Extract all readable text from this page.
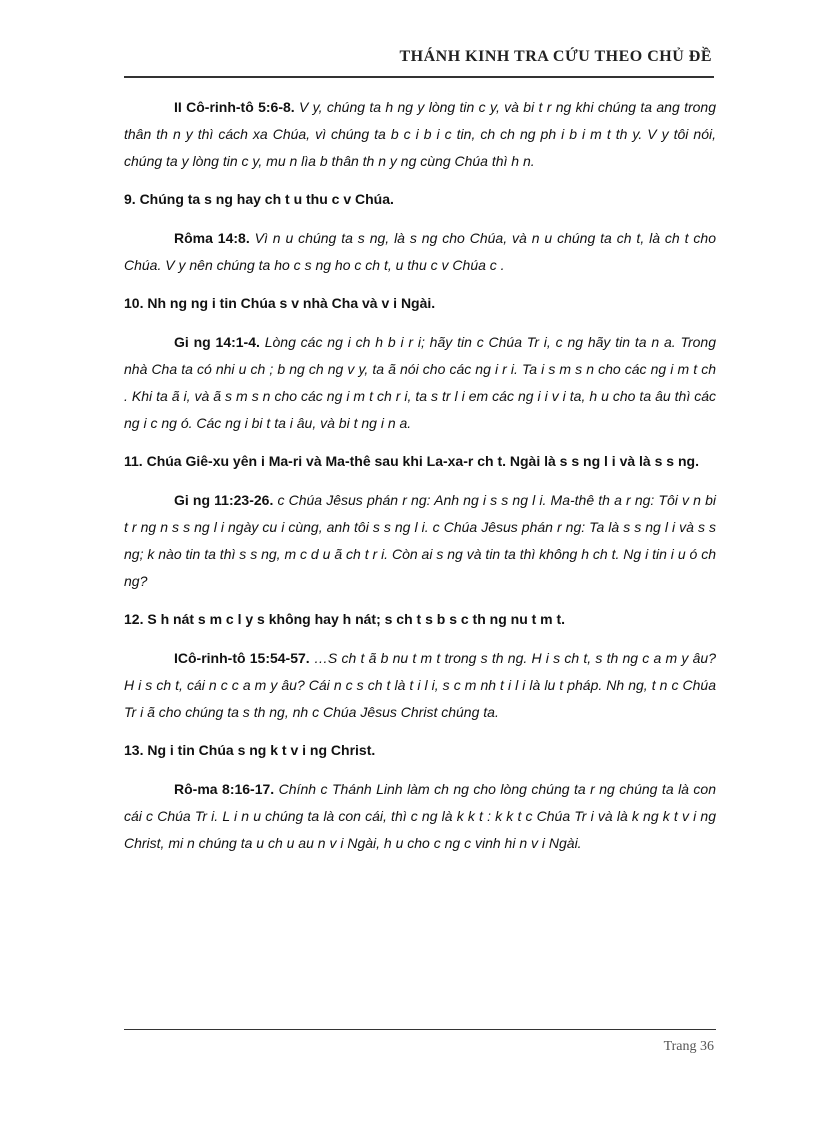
THÁNH KINH TRA CỨU THEO CHỦ ĐỀ

II Cô-rinh-tô 5:6-8. V y, chúng ta h ng y lòng tin c y, và bi t r ng khi chúng ta ang trong thân th n y thì cách xa Chúa, vì chúng ta b c i b i c tin, ch ch ng ph i b i m t th y. V y tôi nói, chúng ta y lòng tin c y, mu n lìa b thân th n y ng cùng Chúa thì h n.

9. Chúng ta s ng hay ch t u thu c v Chúa.

Rôma 14:8. Vì n u chúng ta s ng, là s ng cho Chúa, và n u chúng ta ch t, là ch t cho Chúa. V y nên chúng ta ho c s ng ho c ch t, u thu c v Chúa c .

10. Nh ng ng i tin Chúa s v nhà Cha và v i Ngài.

Gi ng 14:1-4. Lòng các ng i ch h b i r i; hãy tin c Chúa Tr i, c ng hãy tin ta n a. Trong nhà Cha ta có nhi u ch ; b ng ch ng v y, ta ã nói cho các ng i r i. Ta i s m s n cho các ng i m t ch . Khi ta ã i, và ã s m s n cho các ng i m t ch r i, ta s tr l i em các ng i i v i ta, h u cho ta âu thì các ng i c ng ó. Các ng i bi t ta i âu, và bi t ng i n a.

11. Chúa Giê-xu yên i Ma-ri và Ma-thê sau khi La-xa-r ch t. Ngài là s s ng l i và là s s ng.

Gi ng 11:23-26. c Chúa Jêsus phán r ng: Anh ng i s s ng l i. Ma-thê th a r ng: Tôi v n bi t r ng n s s ng l i ngày cu i cùng, anh tôi s s ng l i. c Chúa Jêsus phán r ng: Ta là s s ng l i và s s ng; k nào tin ta thì s s ng, m c d u ã ch t r i. Còn ai s ng và tin ta thì không h ch t. Ng i tin i u ó ch ng?

12. S h nát s m c l y s không hay h nát; s ch t s b s c th ng nu t m t.

ICô-rinh-tô 15:54-57. …S ch t ã b nu t m t trong s th ng. H i s ch t, s th ng c a m y âu? H i s ch t, cái n c c a m y âu? Cái n c s ch t là t i l i, s c m nh t i l i là lu t pháp. Nh ng, t n c Chúa Tr i ã cho chúng ta s th ng, nh c Chúa Jêsus Christ chúng ta.

13. Ng i tin Chúa s ng k t v i ng Christ.

Rô-ma 8:16-17. Chính c Thánh Linh làm ch ng cho lòng chúng ta r ng chúng ta là con cái c Chúa Tr i. L i n u chúng ta là con cái, thì c ng là k k t : k k t c Chúa Tr i và là k ng k t v i ng Christ, mi n chúng ta u ch u au n v i Ngài, h u cho c ng c vinh hi n v i Ngài.

Trang 36
